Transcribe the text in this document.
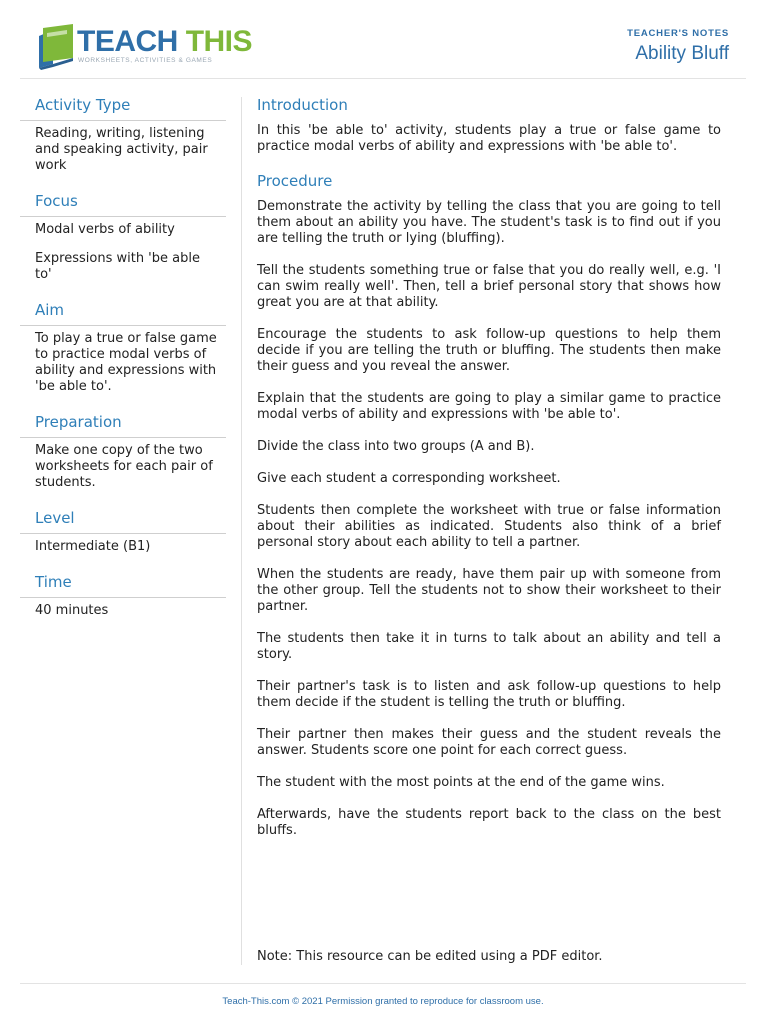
TEACH THIS
WORKSHEETS, ACTIVITIES & GAMES
TEACHER'S NOTES
Ability Bluff
Activity Type

Reading, writing, listening and speaking activity, pair work

Focus

Modal verbs of ability

Expressions with 'be able to'

Aim

To play a true or false game to practice modal verbs of ability and expressions with 'be able to'.

Preparation

Make one copy of the two worksheets for each pair of students.

Level

Intermediate (B1)

Time

40 minutes

Introduction

In this 'be able to' activity, students play a true or false game to practice modal verbs of ability and expressions with 'be able to'.

Procedure

Demonstrate the activity by telling the class that you are going to tell them about an ability you have. The student's task is to find out if you are telling the truth or lying (bluffing).

Tell the students something true or false that you do really well, e.g. 'I can swim really well'. Then, tell a brief personal story that shows how great you are at that ability.

Encourage the students to ask follow-up questions to help them decide if you are telling the truth or bluffing. The students then make their guess and you reveal the answer.

Explain that the students are going to play a similar game to practice modal verbs of ability and expressions with 'be able to'.

Divide the class into two groups (A and B).

Give each student a corresponding worksheet.

Students then complete the worksheet with true or false information about their abilities as indicated. Students also think of a brief personal story about each ability to tell a partner.

When the students are ready, have them pair up with someone from the other group. Tell the students not to show their worksheet to their partner.

The students then take it in turns to talk about an ability and tell a story.

Their partner's task is to listen and ask follow-up questions to help them decide if the student is telling the truth or bluffing.

Their partner then makes their guess and the student reveals the answer. Students score one point for each correct guess.

The student with the most points at the end of the game wins.

Afterwards, have the students report back to the class on the best bluffs.

Note: This resource can be edited using a PDF editor.
Teach-This.com © 2021 Permission granted to reproduce for classroom use.
